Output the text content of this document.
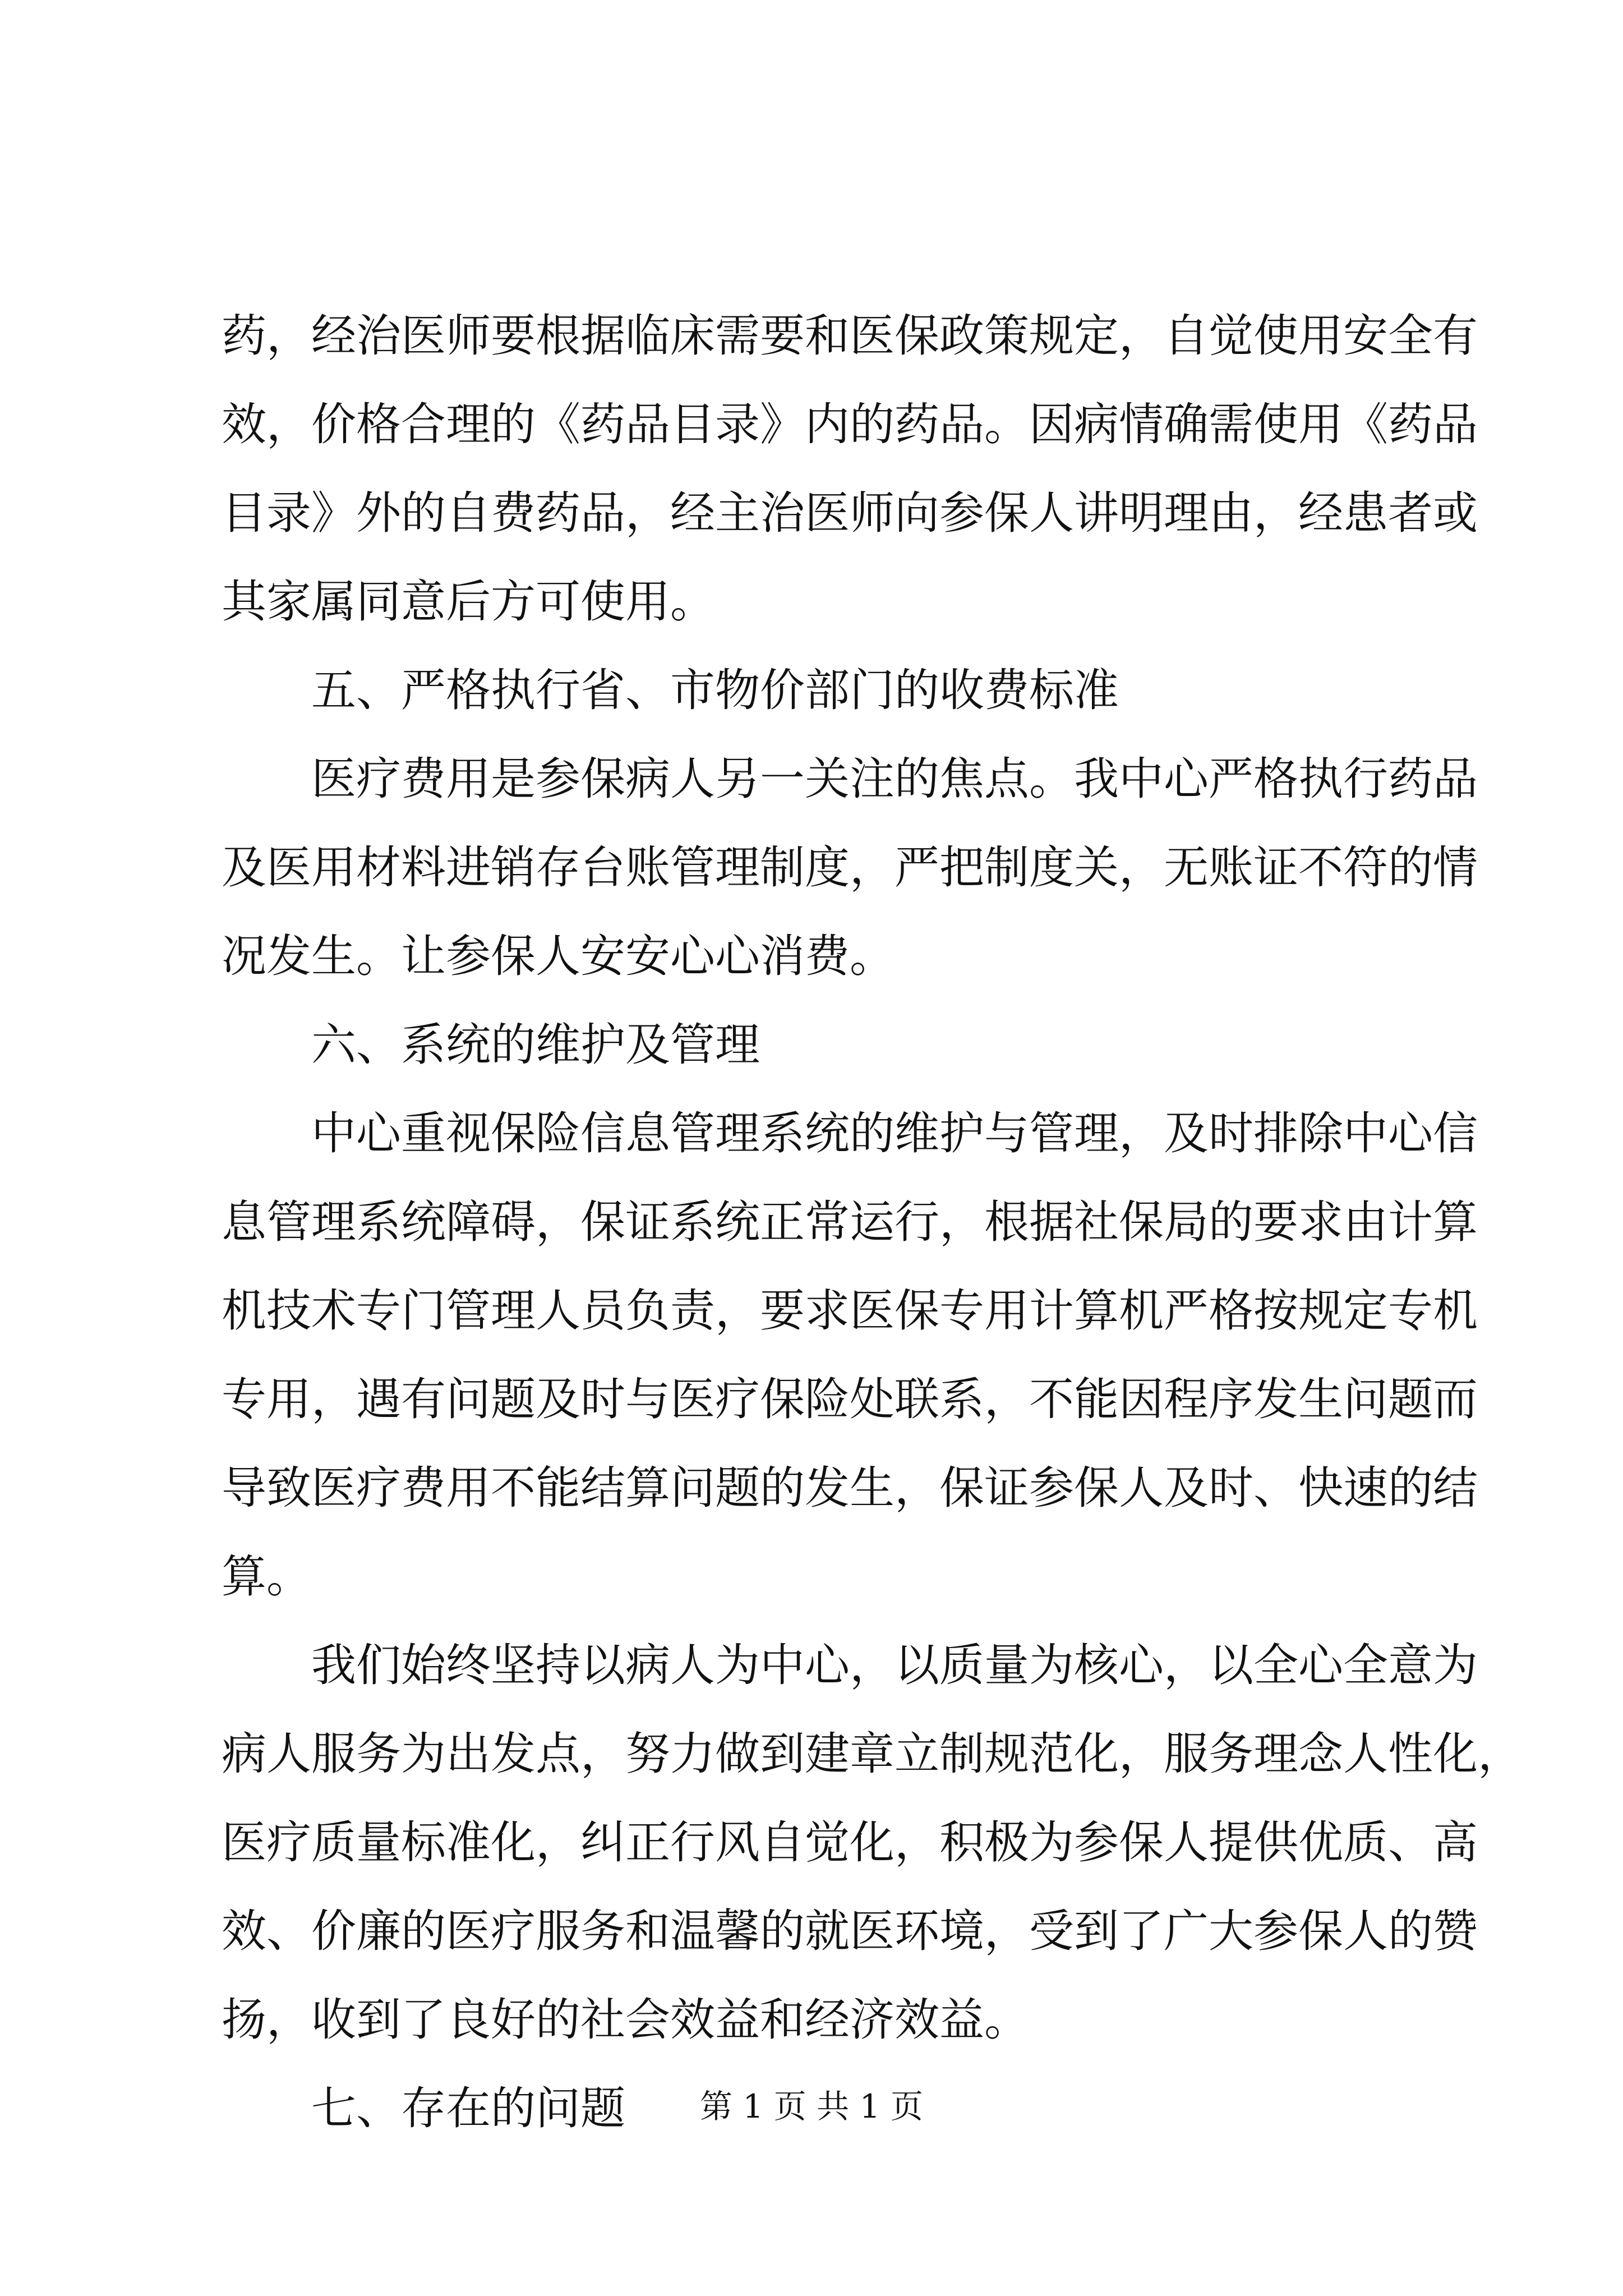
药，经治医师要根据临床需要和医保政策规定，自觉使用安全有
效，价格合理的《药品目录》内的药品。因病情确需使用《药品
目录》外的自费药品，经主治医师向参保人讲明理由，经患者或
其家属同意后方可使用。
五、严格执行省、市物价部门的收费标准
医疗费用是参保病人另一关注的焦点。我中心严格执行药品
及医用材料进销存台账管理制度，严把制度关，无账证不符的情
况发生。让参保人安安心心消费。
六、系统的维护及管理
中心重视保险信息管理系统的维护与管理，及时排除中心信
息管理系统障碍，保证系统正常运行，根据社保局的要求由计算
机技术专门管理人员负责，要求医保专用计算机严格按规定专机
专用，遇有问题及时与医疗保险处联系，不能因程序发生问题而
导致医疗费用不能结算问题的发生，保证参保人及时、快速的结
算。
我们始终坚持以病人为中心，以质量为核心，以全心全意为
病人服务为出发点，努力做到建章立制规范化，服务理念人性化，
医疗质量标准化，纠正行风自觉化，积极为参保人提供优质、高
效、价廉的医疗服务和温馨的就医环境，受到了广大参保人的赞
扬，收到了良好的社会效益和经济效益。
七、存在的问题	第 1 页 共 1 页
